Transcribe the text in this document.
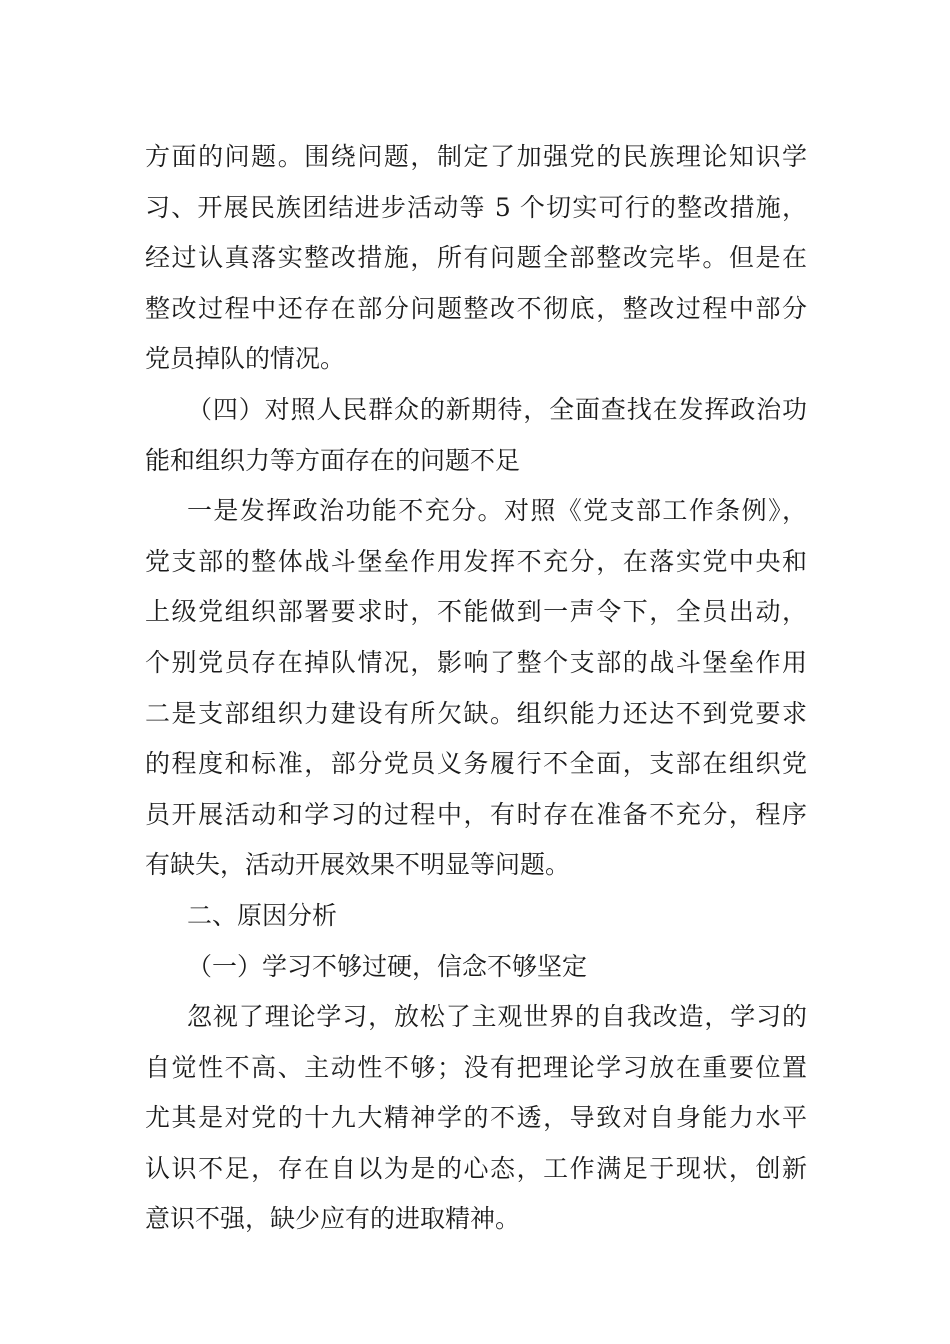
方面的问题。围绕问题，制定了加强党的民族理论知识学
习、开展民族团结进步活动等 5 个切实可行的整改措施，
经过认真落实整改措施，所有问题全部整改完毕。但是在
整改过程中还存在部分问题整改不彻底，整改过程中部分
党员掉队的情况。
（四）对照人民群众的新期待，全面查找在发挥政治功
能和组织力等方面存在的问题不足
一是发挥政治功能不充分。对照《党支部工作条例》，
党支部的整体战斗堡垒作用发挥不充分，在落实党中央和
上级党组织部署要求时，不能做到一声令下，全员出动，
个别党员存在掉队情况，影响了整个支部的战斗堡垒作用
二是支部组织力建设有所欠缺。组织能力还达不到党要求
的程度和标准，部分党员义务履行不全面，支部在组织党
员开展活动和学习的过程中，有时存在准备不充分，程序
有缺失，活动开展效果不明显等问题。
二、原因分析
（一）学习不够过硬，信念不够坚定
忽视了理论学习，放松了主观世界的自我改造，学习的
自觉性不高、主动性不够；没有把理论学习放在重要位置
尤其是对党的十九大精神学的不透，导致对自身能力水平
认识不足，存在自以为是的心态，工作满足于现状，创新
意识不强，缺少应有的进取精神。
